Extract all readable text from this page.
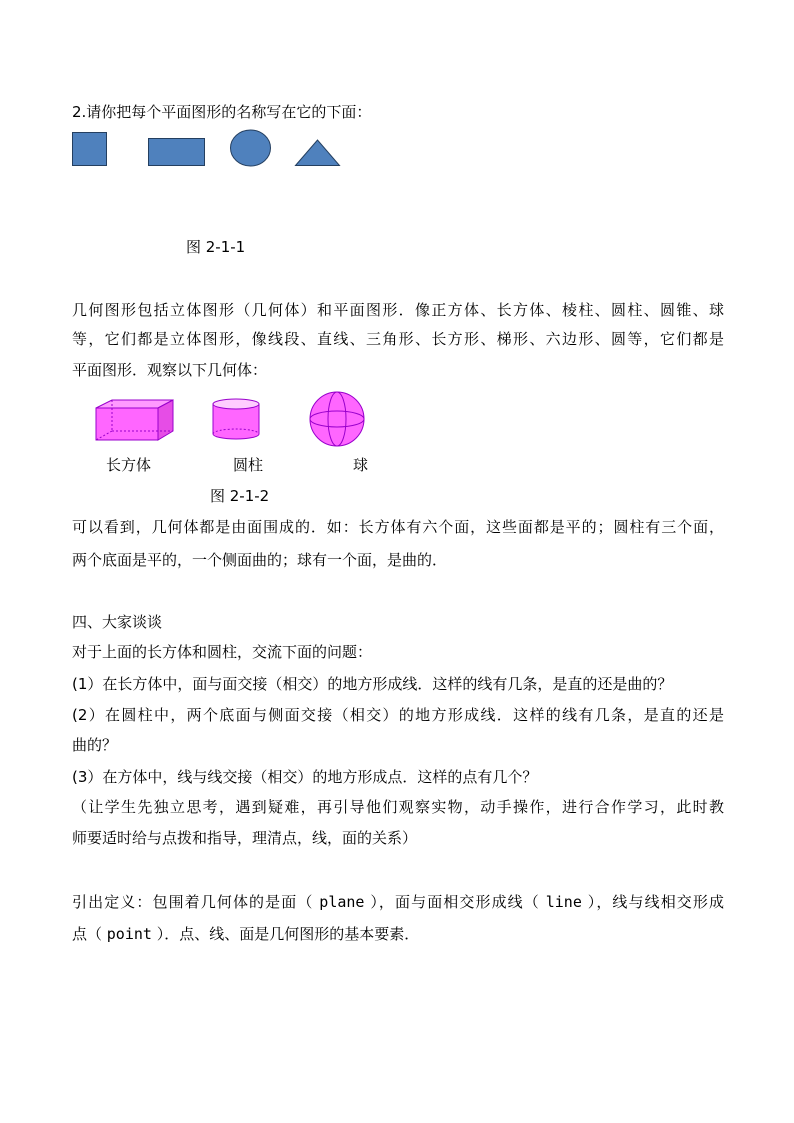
2.请你把每个平面图形的名称写在它的下面：
图 2-1-1
几何图形包括立体图形（几何体）和平面图形．像正方体、长方体、棱柱、圆柱、圆锥、球
等，它们都是立体图形，像线段、直线、三角形、长方形、梯形、六边形、圆等，它们都是
平面图形．观察以下几何体：
长方体	圆柱	球
图 2-1-2
可以看到，几何体都是由面围成的．如：长方体有六个面，这些面都是平的；圆柱有三个面，
两个底面是平的，一个侧面曲的；球有一个面，是曲的．
四、大家谈谈
对于上面的长方体和圆柱，交流下面的问题：
(1）在长方体中，面与面交接（相交）的地方形成线．这样的线有几条，是直的还是曲的？
(2）在圆柱中，两个底面与侧面交接（相交）的地方形成线．这样的线有几条，是直的还是
曲的？
(3）在方体中，线与线交接（相交）的地方形成点．这样的点有几个？
（让学生先独立思考，遇到疑难，再引导他们观察实物，动手操作，进行合作学习，此时教
师要适时给与点拨和指导，理清点，线，面的关系）
引出定义：包围着几何体的是面（ plane ），面与面相交形成线（ line ），线与线相交形成
点（ point ）．点、线、面是几何图形的基本要素．
